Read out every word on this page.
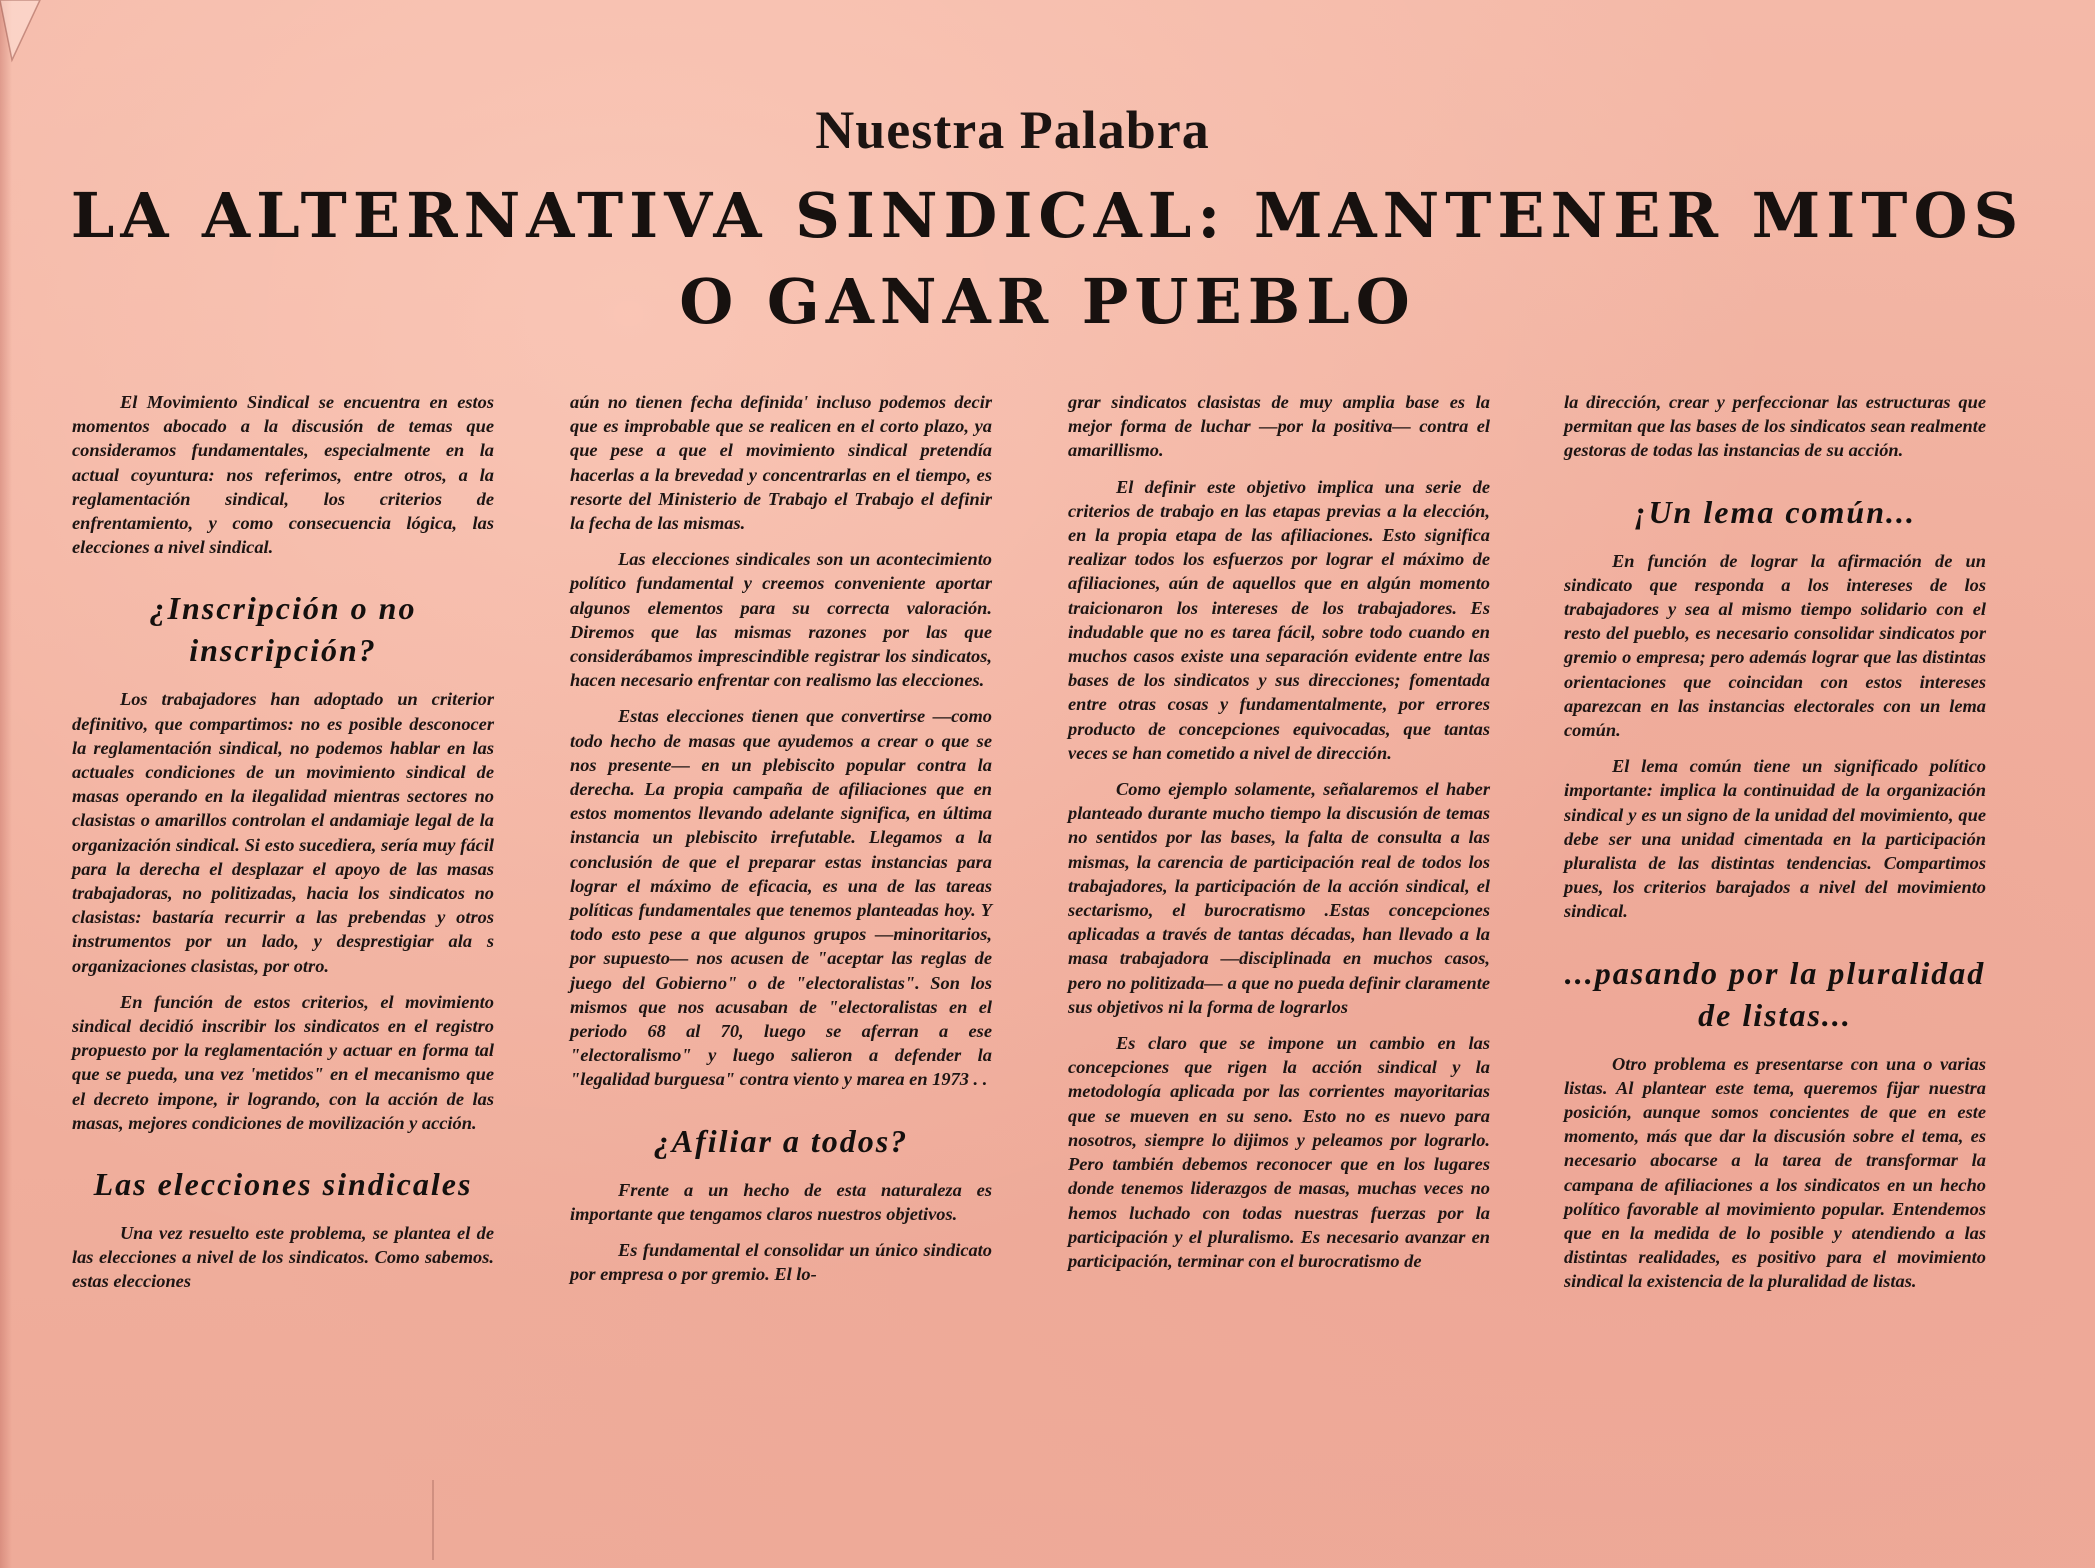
Nuestra Palabra
LA ALTERNATIVA SINDICAL: MANTENER MITOS
O GANAR PUEBLO

El Movimiento Sindical se encuentra en estos momentos abocado a la discusión de temas que consideramos fundamentales, especialmente en la actual coyuntura: nos referimos, entre otros, a la reglamentación sindical, los criterios de enfrentamiento, y como consecuencia lógica, las elecciones a nivel sindical.

¿Inscripción o no inscripción?

Los trabajadores han adoptado un criterior definitivo, que compartimos: no es posible desconocer la reglamentación sindical, no podemos hablar en las actuales condiciones de un movimiento sindical de masas operando en la ilegalidad mientras sectores no clasistas o amarillos controlan el andamiaje legal de la organización sindical. Si esto sucediera, sería muy fácil para la derecha el desplazar el apoyo de las masas trabajadoras, no politizadas, hacia los sindicatos no clasistas: bastaría recurrir a las prebendas y otros instrumentos por un lado, y desprestigiar ala s organizaciones clasistas, por otro.

En función de estos criterios, el movimiento sindical decidió inscribir los sindicatos en el registro propuesto por la reglamentación y actuar en forma tal que se pueda, una vez 'metidos" en el mecanismo que el decreto impone, ir logrando, con la acción de las masas, mejores condiciones de movilización y acción.

Las elecciones sindicales

Una vez resuelto este problema, se plantea el de las elecciones a nivel de los sindicatos. Como sabemos. estas elecciones

aún no tienen fecha definida' incluso podemos decir que es improbable que se realicen en el corto plazo, ya que pese a que el movimiento sindical pretendía hacerlas a la brevedad y concentrarlas en el tiempo, es resorte del Ministerio de Trabajo el Trabajo el definir la fecha de las mismas.

Las elecciones sindicales son un acontecimiento político fundamental y creemos conveniente aportar algunos elementos para su correcta valoración. Diremos que las mismas razones por las que considerábamos imprescindible registrar los sindicatos, hacen necesario enfrentar con realismo las elecciones.

Estas elecciones tienen que convertirse —como todo hecho de masas que ayudemos a crear o que se nos presente— en un plebiscito popular contra la derecha. La propia campaña de afiliaciones que en estos momentos llevando adelante significa, en última instancia un plebiscito irrefutable. Llegamos a la conclusión de que el preparar estas instancias para lograr el máximo de eficacia, es una de las tareas políticas fundamentales que tenemos planteadas hoy. Y todo esto pese a que algunos grupos —minoritarios, por supuesto— nos acusen de "aceptar las reglas de juego del Gobierno" o de "electoralistas". Son los mismos que nos acusaban de "electoralistas en el periodo 68 al 70, luego se aferran a ese "electoralismo" y luego salieron a defender la "legalidad burguesa" contra viento y marea en 1973 . .

¿Afiliar a todos?

Frente a un hecho de esta naturaleza es importante que tengamos claros nuestros objetivos.

Es fundamental el consolidar un único sindicato por empresa o por gremio. El lo-

grar sindicatos clasistas de muy amplia base es la mejor forma de luchar —por la positiva— contra el amarillismo.

El definir este objetivo implica una serie de criterios de trabajo en las etapas previas a la elección, en la propia etapa de las afiliaciones. Esto significa realizar todos los esfuerzos por lograr el máximo de afiliaciones, aún de aquellos que en algún momento traicionaron los intereses de los trabajadores. Es indudable que no es tarea fácil, sobre todo cuando en muchos casos existe una separación evidente entre las bases de los sindicatos y sus direcciones; fomentada entre otras cosas y fundamentalmente, por errores producto de concepciones equivocadas, que tantas veces se han cometido a nivel de dirección.

Como ejemplo solamente, señalaremos el haber planteado durante mucho tiempo la discusión de temas no sentidos por las bases, la falta de consulta a las mismas, la carencia de participación real de todos los trabajadores, la participación de la acción sindical, el sectarismo, el burocratismo .Estas concepciones aplicadas a través de tantas décadas, han llevado a la masa trabajadora —disciplinada en muchos casos, pero no politizada— a que no pueda definir claramente sus objetivos ni la forma de lograrlos

Es claro que se impone un cambio en las concepciones que rigen la acción sindical y la metodología aplicada por las corrientes mayoritarias que se mueven en su seno. Esto no es nuevo para nosotros, siempre lo dijimos y peleamos por lograrlo. Pero también debemos reconocer que en los lugares donde tenemos liderazgos de masas, muchas veces no hemos luchado con todas nuestras fuerzas por la participación y el pluralismo. Es necesario avanzar en participación, terminar con el burocratismo de

la dirección, crear y perfeccionar las estructuras que permitan que las bases de los sindicatos sean realmente gestoras de todas las instancias de su acción.

¡Un lema común...

En función de lograr la afirmación de un sindicato que responda a los intereses de los trabajadores y sea al mismo tiempo solidario con el resto del pueblo, es necesario consolidar sindicatos por gremio o empresa; pero además lograr que las distintas orientaciones que coincidan con estos intereses aparezcan en las instancias electorales con un lema común.

El lema común tiene un significado político importante: implica la continuidad de la organización sindical y es un signo de la unidad del movimiento, que debe ser una unidad cimentada en la participación pluralista de las distintas tendencias. Compartimos pues, los criterios barajados a nivel del movimiento sindical.

...pasando por la pluralidad de listas...

Otro problema es presentarse con una o varias listas. Al plantear este tema, queremos fijar nuestra posición, aunque somos concientes de que en este momento, más que dar la discusión sobre el tema, es necesario abocarse a la tarea de transformar la campana de afiliaciones a los sindicatos en un hecho político favorable al movimiento popular. Entendemos que en la medida de lo posible y atendiendo a las distintas realidades, es positivo para el movimiento sindical la existencia de la pluralidad de listas.
